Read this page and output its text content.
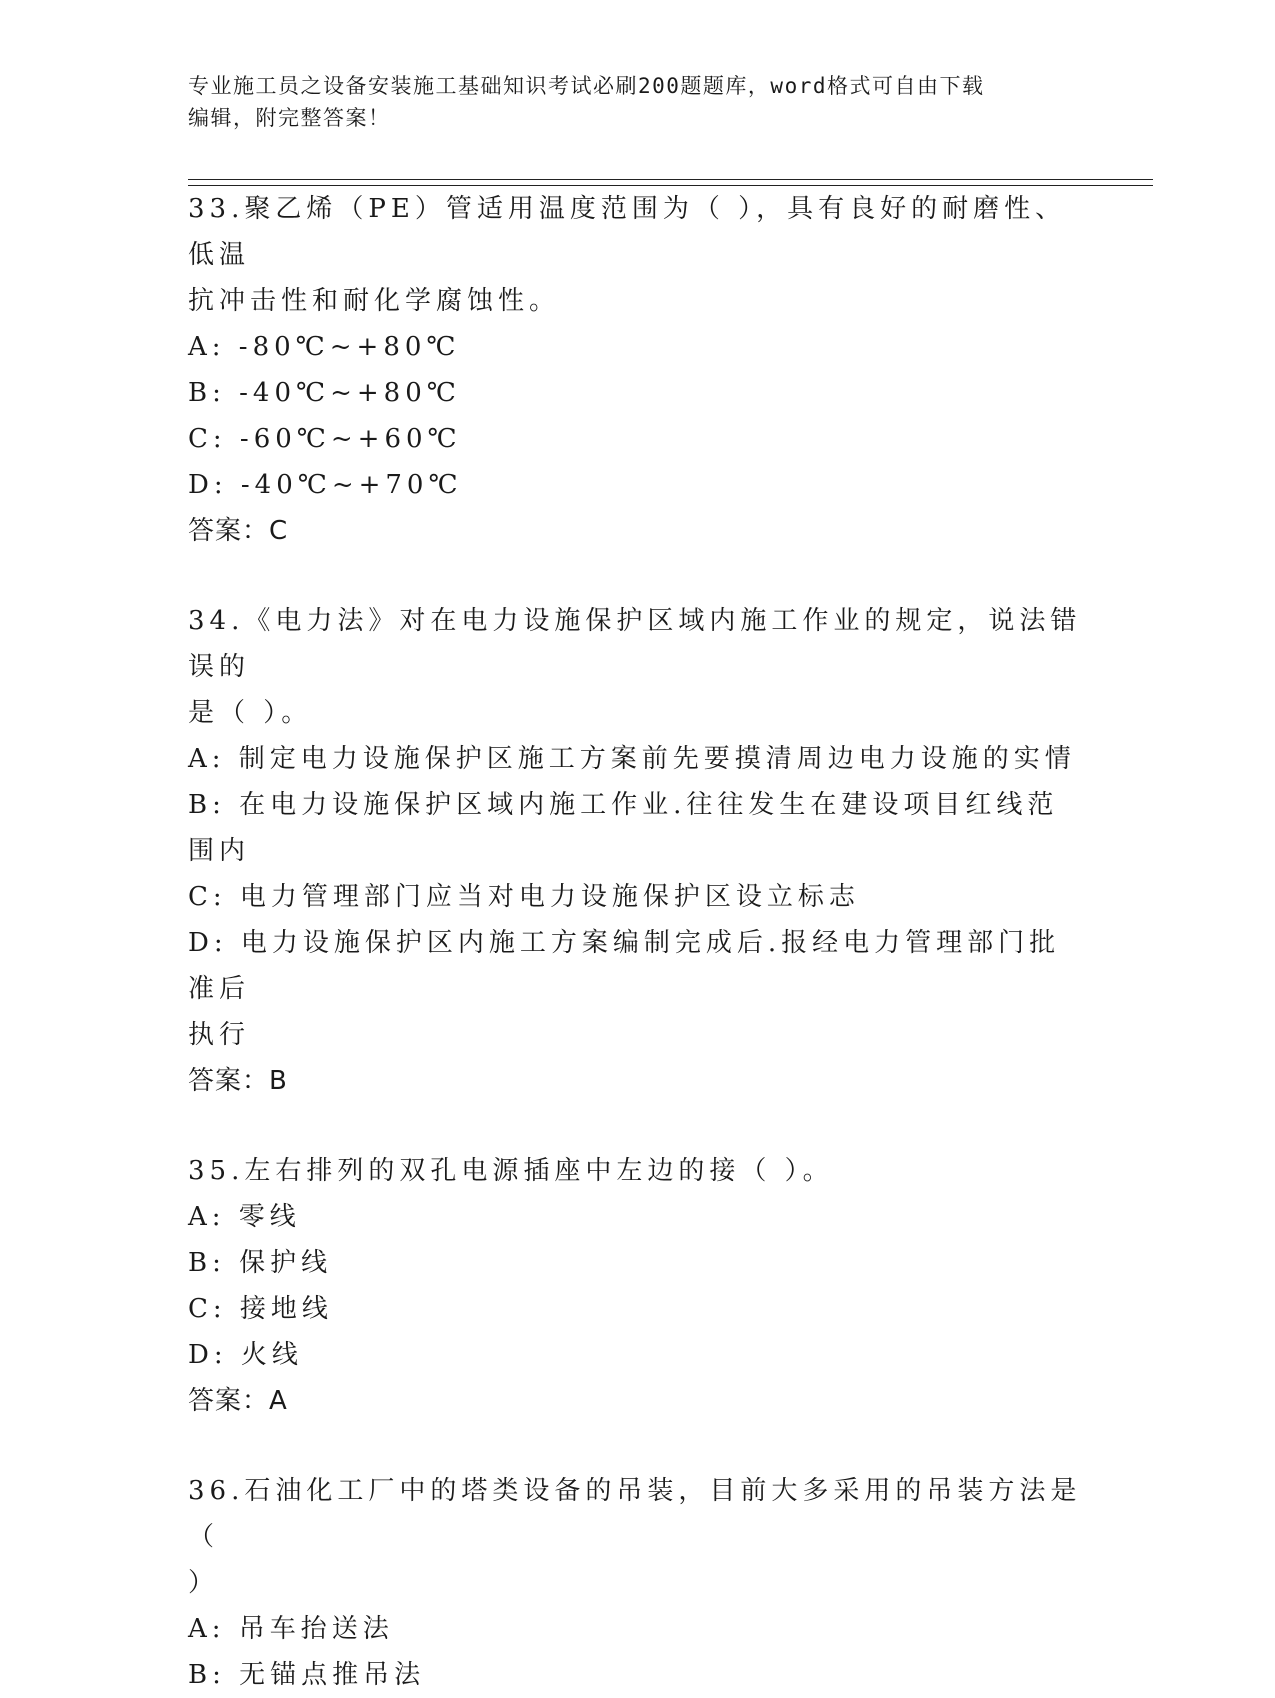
专业施工员之设备安装施工基础知识考试必刷200题题库，word格式可自由下载
编辑，附完整答案！

33.聚乙烯（PE）管适用温度范围为（ ），具有良好的耐磨性、低温

抗冲击性和耐化学腐蚀性。

A: -80℃~+80℃

B: -40℃~+80℃

C: -60℃~+60℃

D: -40℃~+70℃

答案：C

34.《电力法》对在电力设施保护区域内施工作业的规定，说法错误的

是（ ）。

A: 制定电力设施保护区施工方案前先要摸清周边电力设施的实情

B: 在电力设施保护区域内施工作业.往往发生在建设项目红线范围内

C: 电力管理部门应当对电力设施保护区设立标志

D: 电力设施保护区内施工方案编制完成后.报经电力管理部门批准后

执行

答案：B

35.左右排列的双孔电源插座中左边的接（ ）。

A: 零线

B: 保护线

C: 接地线

D: 火线

答案：A

36.石油化工厂中的塔类设备的吊装，目前大多采用的吊装方法是（

）

A: 吊车抬送法

B: 无锚点推吊法
